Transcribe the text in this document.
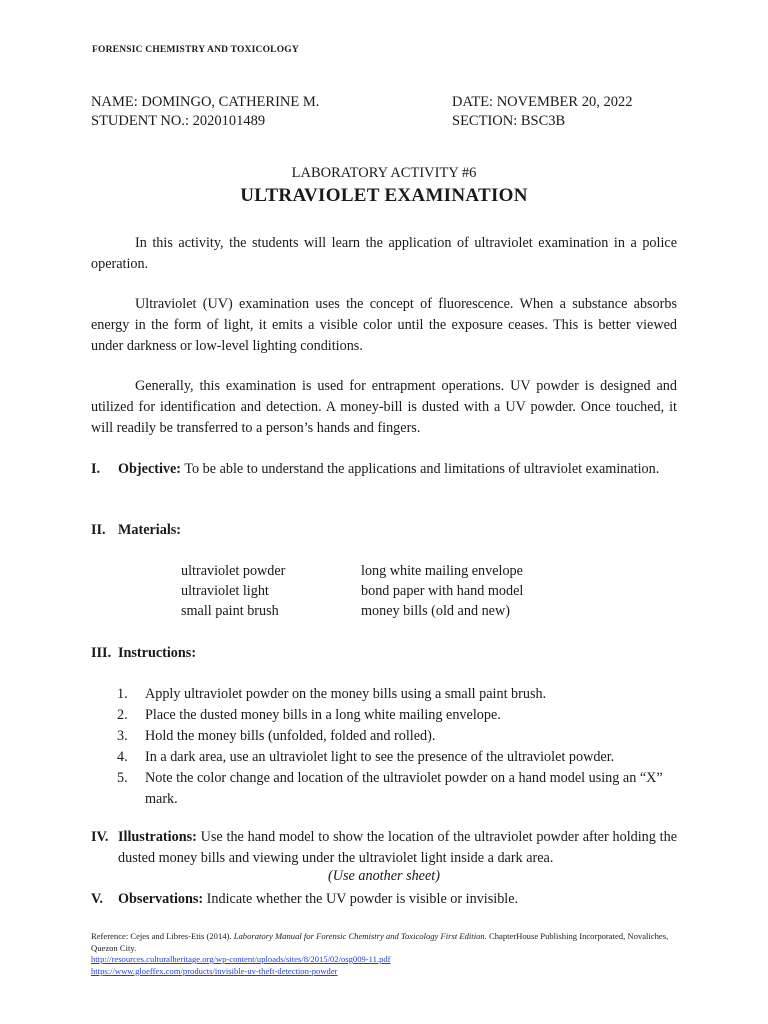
FORENSIC CHEMISTRY AND TOXICOLOGY
NAME: DOMINGO, CATHERINE M.	DATE: NOVEMBER 20, 2022
STUDENT NO.: 2020101489	SECTION: BSC3B
LABORATORY ACTIVITY #6
ULTRAVIOLET EXAMINATION

In this activity, the students will learn the application of ultraviolet examination in a police operation.

Ultraviolet (UV) examination uses the concept of fluorescence. When a substance absorbs energy in the form of light, it emits a visible color until the exposure ceases. This is better viewed under darkness or low-level lighting conditions.

Generally, this examination is used for entrapment operations. UV powder is designed and utilized for identification and detection. A money-bill is dusted with a UV powder. Once touched, it will readily be transferred to a person’s hands and fingers.

I. Objective: To be able to understand the applications and limitations of ultraviolet examination.
II. Materials:
ultraviolet powder
ultraviolet light
small paint brush
long white mailing envelope
bond paper with hand model
money bills (old and new)
III. Instructions:
1. Apply ultraviolet powder on the money bills using a small paint brush.
2. Place the dusted money bills in a long white mailing envelope.
3. Hold the money bills (unfolded, folded and rolled).
4. In a dark area, use an ultraviolet light to see the presence of the ultraviolet powder.
5. Note the color change and location of the ultraviolet powder on a hand model using an “X” mark.
IV. Illustrations: Use the hand model to show the location of the ultraviolet powder after holding the dusted money bills and viewing under the ultraviolet light inside a dark area.
(Use another sheet)
V. Observations: Indicate whether the UV powder is visible or invisible.
Reference: Cejes and Libres-Etis (2014). Laboratory Manual for Forensic Chemistry and Toxicology First Edition. ChapterHouse Publishing Incorporated, Novaliches, Quezon City.
http://resources.culturalheritage.org/wp-content/uploads/sites/8/2015/02/osg009-11.pdf
https://www.gloeffex.com/products/invisible-uv-theft-detection-powder
